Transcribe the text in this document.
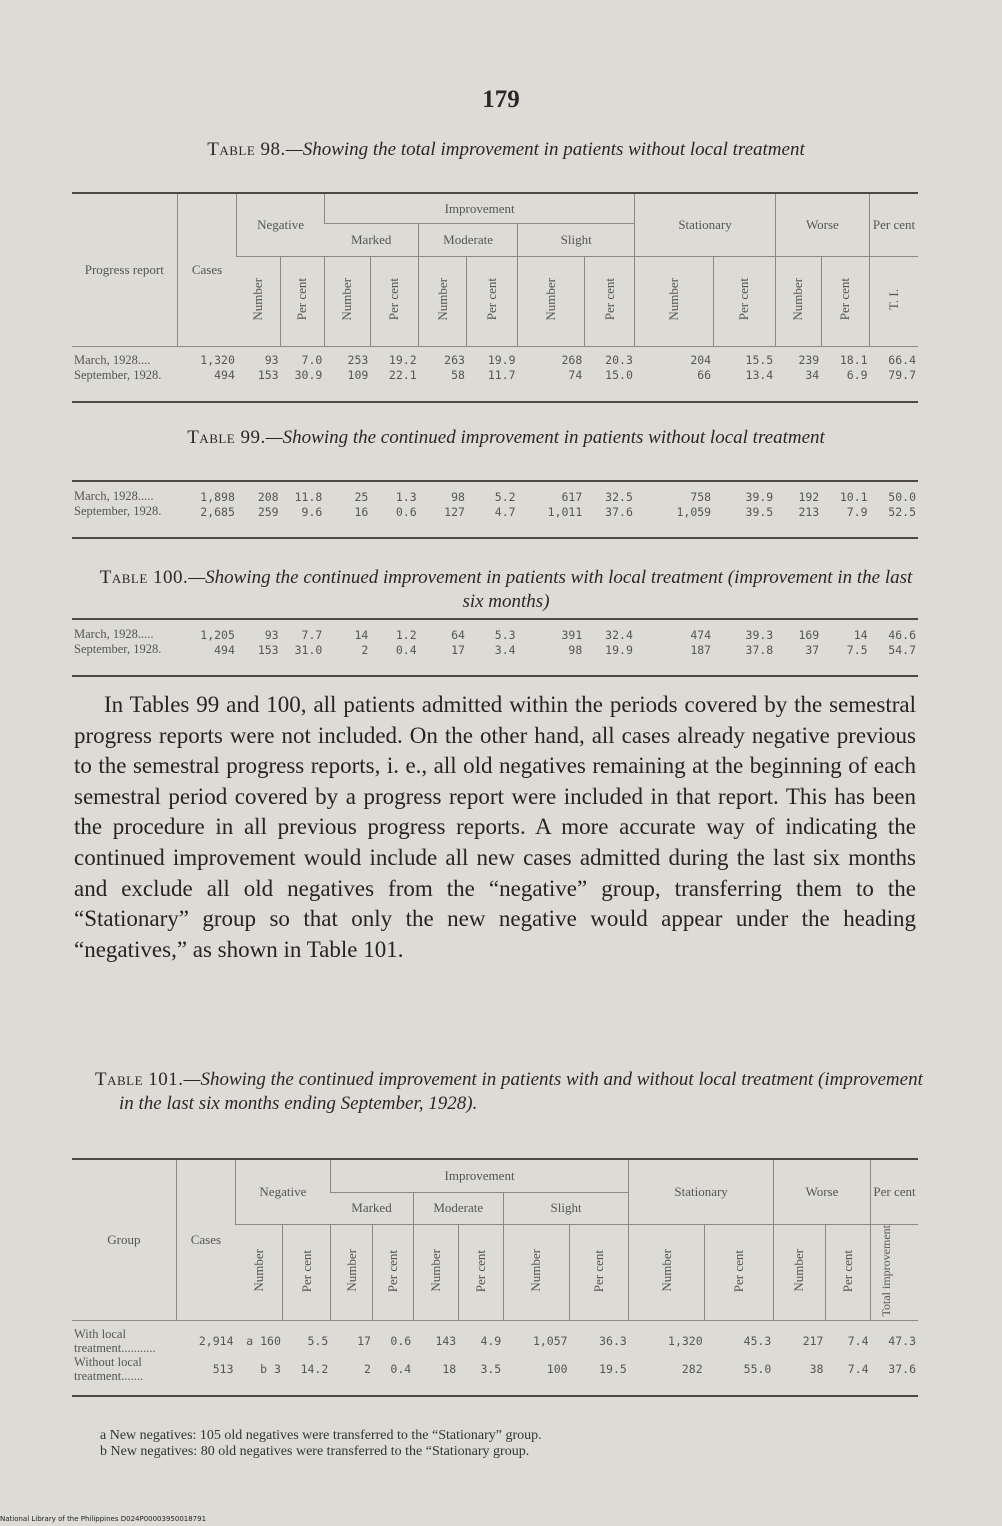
179
Table 98.—Showing the total improvement in patients without local treatment
Progress report	Cases	Negative		Improvement						Stationary		Worse		Per cent
				Marked		Moderate		Slight						
		Number	Per cent	Number	Per cent	Number	Per cent	Number	Per cent	Number	Per cent	Number	Per cent	T. I.

March, 1928....	1,320	93	7.0	253	19.2	263	19.9	268	20.3	204	15.5	239	18.1	66.4
September, 1928.	494	153	30.9	109	22.1	58	11.7	74	15.0	66	13.4	34	6.9	79.7
Table 99.—Showing the continued improvement in patients without local treatment

March, 1928.....	1,898	208	11.8	25	1.3	98	5.2	617	32.5	758	39.9	192	10.1	50.0
September, 1928.	2,685	259	9.6	16	0.6	127	4.7	1,011	37.6	1,059	39.5	213	7.9	52.5
Table 100.—Showing the continued improvement in patients with local treatment (improvement in the last six months)

March, 1928.....	1,205	93	7.7	14	1.2	64	5.3	391	32.4	474	39.3	169	14	46.6
September, 1928.	494	153	31.0	2	0.4	17	3.4	98	19.9	187	37.8	37	7.5	54.7

In Tables 99 and 100, all patients admitted within the periods covered by the semestral progress reports were not included. On the other hand, all cases already negative previous to the semestral progress reports, i. e., all old negatives remaining at the beginning of each semestral period covered by a progress report were included in that report. This has been the procedure in all previous progress reports. A more accurate way of indicating the continued improvement would include all new cases admitted during the last six months and exclude all old negatives from the “negative” group, transferring them to the “Stationary” group so that only the new negative would appear under the heading “negatives,” as shown in Table 101.

Table 101.—Showing the continued improvement in patients with and without local treatment (improvement in the last six months ending September, 1928).
Group	Cases	Negative		Improvement						Stationary		Worse		Per cent
				Marked		Moderate		Slight						
		Number	Per cent	Number	Per cent	Number	Per cent	Number	Per cent	Number	Per cent	Number	Per cent	Total improvement

With local treatment...........	2,914	a 160	5.5	17	0.6	143	4.9	1,057	36.3	1,320	45.3	217	7.4	47.3
Without local treatment.......	513	b 3	14.2	2	0.4	18	3.5	100	19.5	282	55.0	38	7.4	37.6
a New negatives: 105 old negatives were transferred to the “Stationary” group.
b New negatives: 80 old negatives were transferred to the “Stationary group.
National Library of the Philippines D024P00003950018791
